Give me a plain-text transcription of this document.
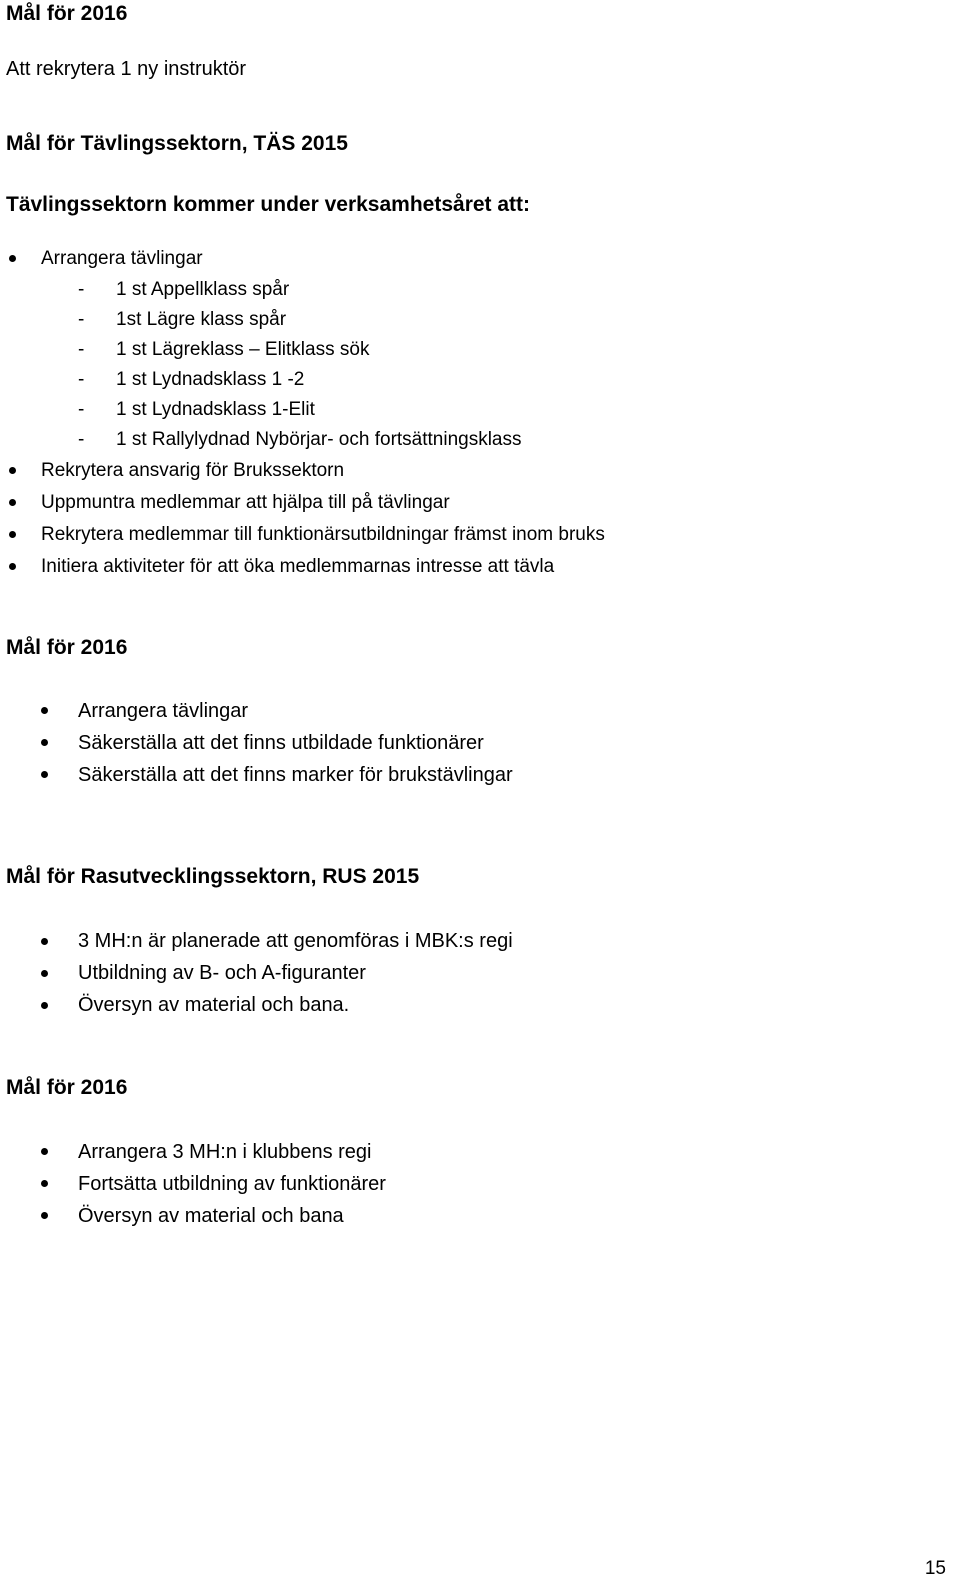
Mål för 2016
Att rekrytera 1 ny instruktör
Mål för Tävlingssektorn, TÄS 2015
Tävlingssektorn kommer under verksamhetsåret att:
Arrangera tävlingar
- 1 st Appellklass spår
- 1st Lägre klass spår
- 1 st Lägreklass – Elitklass sök
- 1 st Lydnadsklass 1 -2
- 1 st Lydnadsklass 1-Elit
- 1 st Rallylydnad Nybörjar- och fortsättningsklass
Rekrytera ansvarig för Brukssektorn
Uppmuntra medlemmar att hjälpa till på tävlingar
Rekrytera medlemmar till funktionärsutbildningar främst inom bruks
Initiera aktiviteter för att öka medlemmarnas intresse att tävla
Mål för 2016
Arrangera tävlingar
Säkerställa att det finns utbildade funktionärer
Säkerställa att det finns marker för brukstävlingar
Mål för Rasutvecklingssektorn, RUS 2015
3 MH:n är planerade att genomföras i MBK:s regi
Utbildning av B- och A-figuranter
Översyn av material och bana.
Mål för 2016
Arrangera 3 MH:n i klubbens regi
Fortsätta utbildning av funktionärer
Översyn av material och bana
15
